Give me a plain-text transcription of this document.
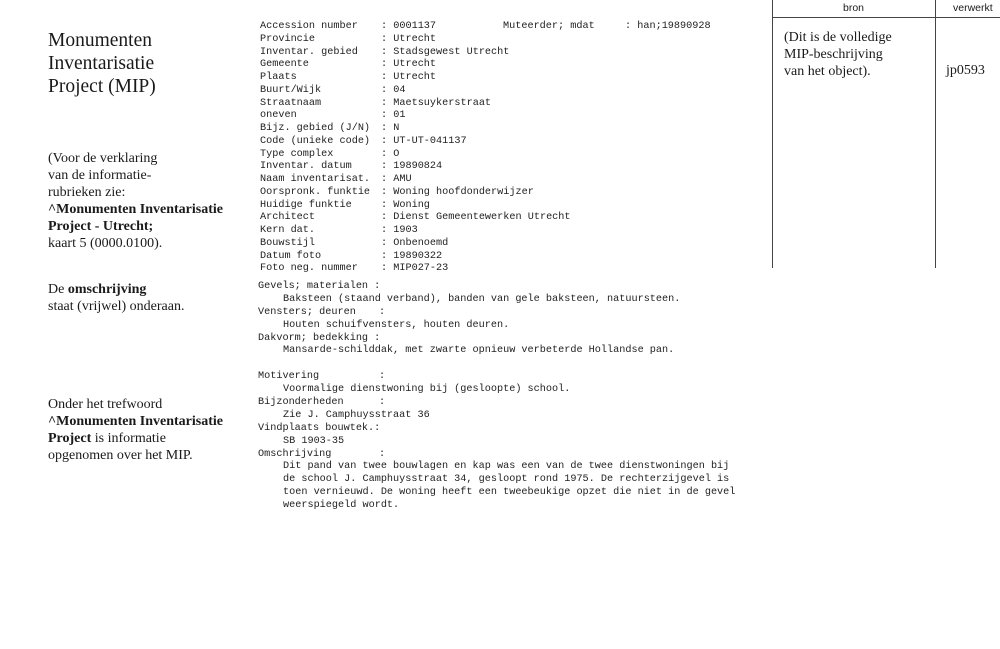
Monumenten
Inventarisatie
Project (MIP)
(Voor de verklaring
van de informatie-
rubrieken zie:
^Monumenten Inventarisatie
Project - Utrecht;
kaart 5 (0000.0100).
De omschrijving
staat (vrijwel) onderaan.
Onder het trefwoord
^Monumenten Inventarisatie
Project is informatie
opgenomen over het MIP.
Accession number : 0001137	Muteerder; mdat	: han;19890928
Provincie	: Utrecht
Inventar. gebied : Stadsgewest Utrecht
Gemeente	: Utrecht
Plaats	: Utrecht
Buurt/Wijk	: 04
Straatnaam	: Maetsuykerstraat
oneven	: 01
Bijz. gebied (J/N) : N
Code (unieke code) : UT-UT-041137
Type complex	: O
Inventar. datum	: 19890824
Naam inventarisat. : AMU
Oorspronk. funktie : Woning hoofdonderwijzer
Huidige funktie	: Woning
Architect	: Dienst Gemeentewerken Utrecht
Kern dat.	: 1903
Bouwstijl	: Onbenoemd
Datum foto	: 19890322
Foto neg. nummer : MIP027-23
Gevels; materialen :
Baksteen (staand verband), banden van gele baksteen, natuursteen.
Vensters; deuren :
Houten schuifvensters, houten deuren.
Dakvorm; bedekking :
Mansarde-schilddak, met zwarte opnieuw verbeterde Hollandse pan.
Motivering	:
Voormalige dienstwoning bij (gesloopte) school.
Bijzonderheden	:
Zie J. Camphuysstraat 36
Vindplaats bouwtek.:
SB 1903-35
Omschrijving	:
Dit pand van twee bouwlagen en kap was een van de twee dienstwoningen bij
de school J. Camphuysstraat 34, gesloopt rond 1975. De rechterzijgevel is
toen vernieuwd. De woning heeft een tweebeukige opzet die niet in de gevel
weerspiegeld wordt.
bron	verwerkt
(Dit is de volledige
MIP-beschrijving
van het object).	jp0593
